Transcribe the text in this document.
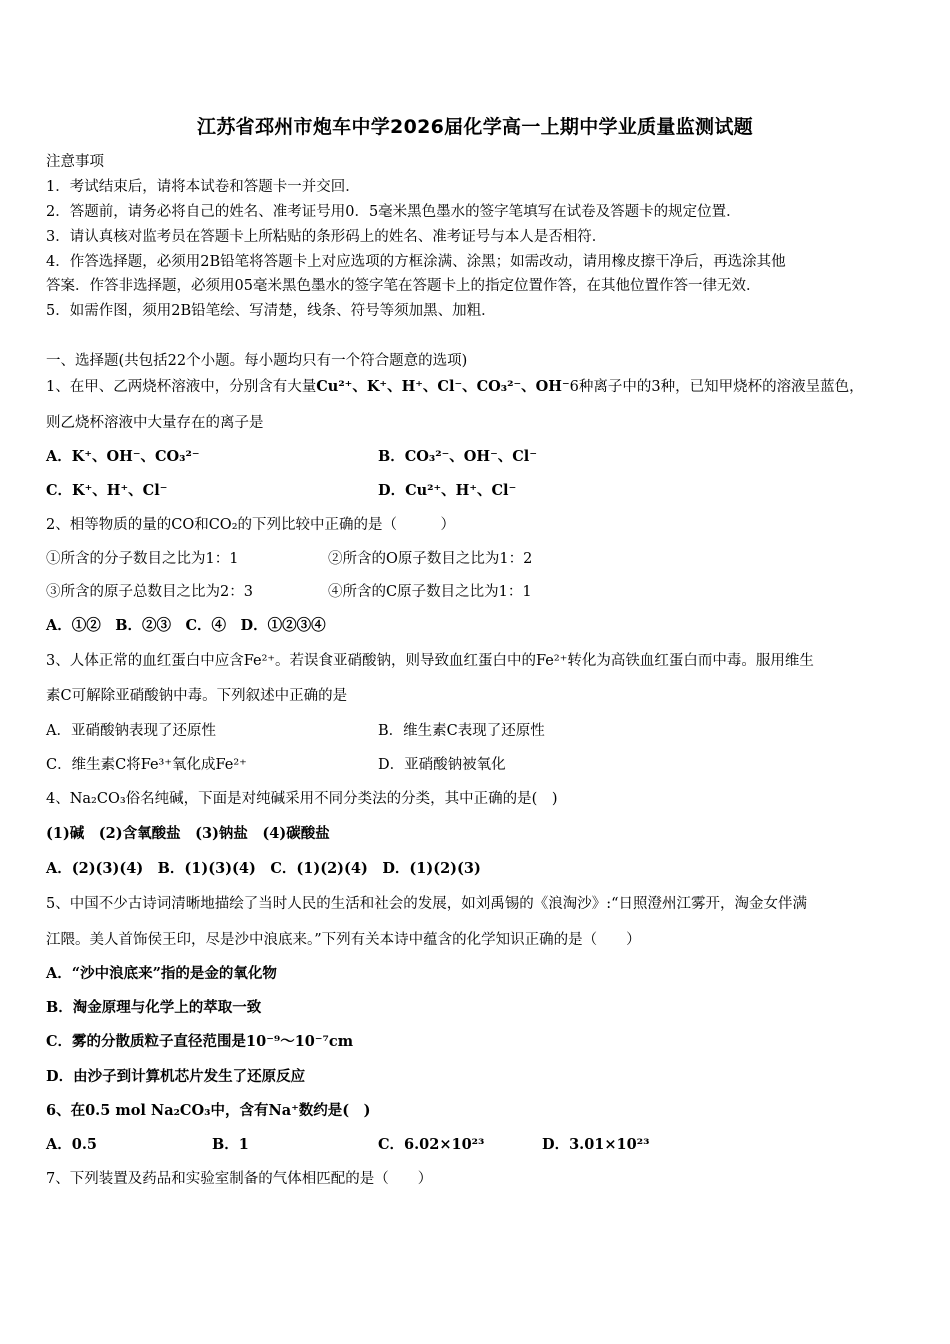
江苏省邳州市炮车中学2026届化学高一上期中学业质量监测试题
注意事项
1．考试结束后，请将本试卷和答题卡一并交回．
2．答题前，请务必将自己的姓名、准考证号用0．5毫米黑色墨水的签字笔填写在试卷及答题卡的规定位置．
3．请认真核对监考员在答题卡上所粘贴的条形码上的姓名、准考证号与本人是否相符．
4．作答选择题，必须用2B铅笔将答题卡上对应选项的方框涂满、涂黑；如需改动，请用橡皮擦干净后，再选涂其他
答案．作答非选择题，必须用05毫米黑色墨水的签字笔在答题卡上的指定位置作答，在其他位置作答一律无效．
5．如需作图，须用2B铅笔绘、写清楚，线条、符号等须加黑、加粗．
一、选择题(共包括22个小题。每小题均只有一个符合题意的选项)
1、在甲、乙两烧杯溶液中，分别含有大量Cu²⁺、K⁺、H⁺、Cl⁻、CO₃²⁻、OH⁻6种离子中的3种，已知甲烧杯的溶液呈蓝色，
则乙烧杯溶液中大量存在的离子是
A．K⁺、OH⁻、CO₃²⁻	B．CO₃²⁻、OH⁻、Cl⁻
C．K⁺、H⁺、Cl⁻	D．Cu²⁺、H⁺、Cl⁻
2、相等物质的量的CO和CO₂的下列比较中正确的是（　　　）
①所含的分子数目之比为1：1	②所含的O原子数目之比为1：2
③所含的原子总数目之比为2：3	④所含的C原子数目之比为1：1
A．①②　B．②③　C．④　D．①②③④
3、人体正常的血红蛋白中应含Fe²⁺。若误食亚硝酸钠，则导致血红蛋白中的Fe²⁺转化为高铁血红蛋白而中毒。服用维生
素C可解除亚硝酸钠中毒。下列叙述中正确的是
A．亚硝酸钠表现了还原性	B．维生素C表现了还原性
C．维生素C将Fe³⁺氧化成Fe²⁺	D．亚硝酸钠被氧化
4、Na₂CO₃俗名纯碱，下面是对纯碱采用不同分类法的分类，其中正确的是(　)
(1)碱　(2)含氧酸盐　(3)钠盐　(4)碳酸盐
A．(2)(3)(4)　B．(1)(3)(4)　C．(1)(2)(4)　D．(1)(2)(3)
5、中国不少古诗词清晰地描绘了当时人民的生活和社会的发展，如刘禹锡的《浪淘沙》:“日照澄州江雾开，淘金女伴满
江隈。美人首饰侯王印，尽是沙中浪底来。”下列有关本诗中蕴含的化学知识正确的是（　　）
A．“沙中浪底来”指的是金的氧化物
B．淘金原理与化学上的萃取一致
C．雾的分散质粒子直径范围是10⁻⁹～10⁻⁷cm
D．由沙子到计算机芯片发生了还原反应
6、在0.5 mol Na₂CO₃中，含有Na⁺数约是(　)
A．0.5	B．1	C．6.02×10²³	D．3.01×10²³
7、下列装置及药品和实验室制备的气体相匹配的是（　　）
